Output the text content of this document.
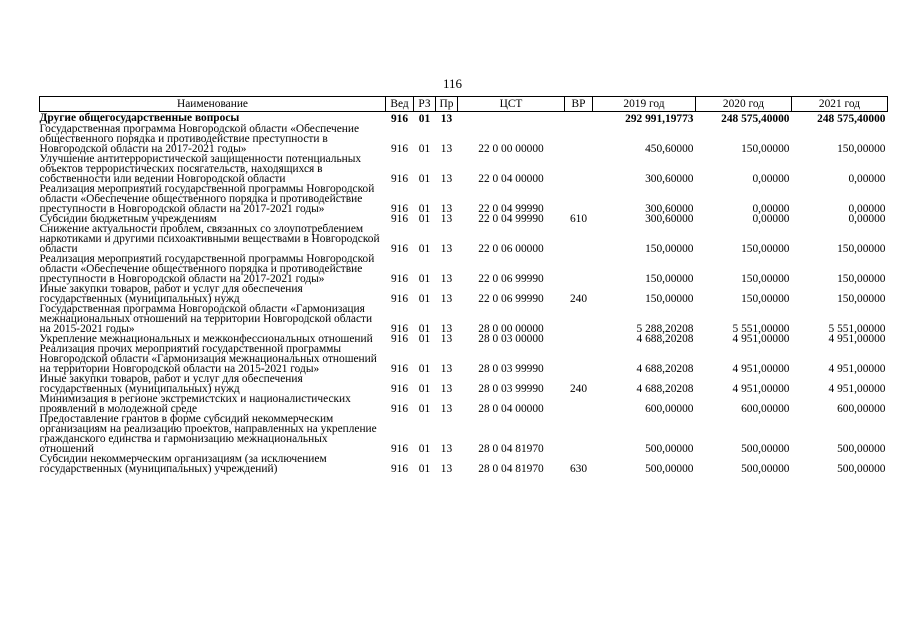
116
Наименование	Вед	РЗ	Пр	ЦСТ	ВР	2019 год	2020 год	2021 год
Другие общегосударственные вопросы	916	01	13			292 991,19773	248 575,40000	248 575,40000
Государственная программа Новгородской области «Обеспечение общественного порядка и противодействие преступности в Новгородской области на 2017-2021 годы»	916	01	13	22 0 00 00000		450,60000	150,00000	150,00000
Улучшение антитеррористической защищенности потенциальных объектов террористических посягательств, находящихся в собственности или ведении Новгородской области	916	01	13	22 0 04 00000		300,60000	0,00000	0,00000
Реализация мероприятий государственной программы Новгородской области «Обеспечение общественного порядка и противодействие преступности в Новгородской области на 2017-2021 годы»	916	01	13	22 0 04 99990		300,60000	0,00000	0,00000
Субсидии бюджетным учреждениям	916	01	13	22 0 04 99990	610	300,60000	0,00000	0,00000
Снижение актуальности проблем, связанных со злоупотреблением наркотиками и другими психоактивными веществами в Новгородской области	916	01	13	22 0 06 00000		150,00000	150,00000	150,00000
Реализация мероприятий государственной программы Новгородской области «Обеспечение общественного порядка и противодействие преступности в Новгородской области на 2017-2021 годы»	916	01	13	22 0 06 99990		150,00000	150,00000	150,00000
Иные закупки товаров, работ и услуг для обеспечения государственных (муниципальных) нужд	916	01	13	22 0 06 99990	240	150,00000	150,00000	150,00000
Государственная программа Новгородской области «Гармонизация межнациональных отношений на территории Новгородской области на 2015-2021 годы»	916	01	13	28 0 00 00000		5 288,20208	5 551,00000	5 551,00000
Укрепление межнациональных и межконфессиональных отношений	916	01	13	28 0 03 00000		4 688,20208	4 951,00000	4 951,00000
Реализация прочих мероприятий государственной программы Новгородской области «Гармонизация межнациональных отношений на территории Новгородской области на 2015-2021 годы»	916	01	13	28 0 03 99990		4 688,20208	4 951,00000	4 951,00000
Иные закупки товаров, работ и услуг для обеспечения государственных (муниципальных) нужд	916	01	13	28 0 03 99990	240	4 688,20208	4 951,00000	4 951,00000
Минимизация в регионе экстремистских и националистических проявлений в молодежной среде	916	01	13	28 0 04 00000		600,00000	600,00000	600,00000
Предоставление грантов в форме субсидий некоммерческим организациям на реализацию проектов, направленных на укрепление гражданского единства и гармонизацию межнациональных отношений	916	01	13	28 0 04 81970		500,00000	500,00000	500,00000
Субсидии некоммерческим организациям (за исключением государственных (муниципальных) учреждений)	916	01	13	28 0 04 81970	630	500,00000	500,00000	500,00000
